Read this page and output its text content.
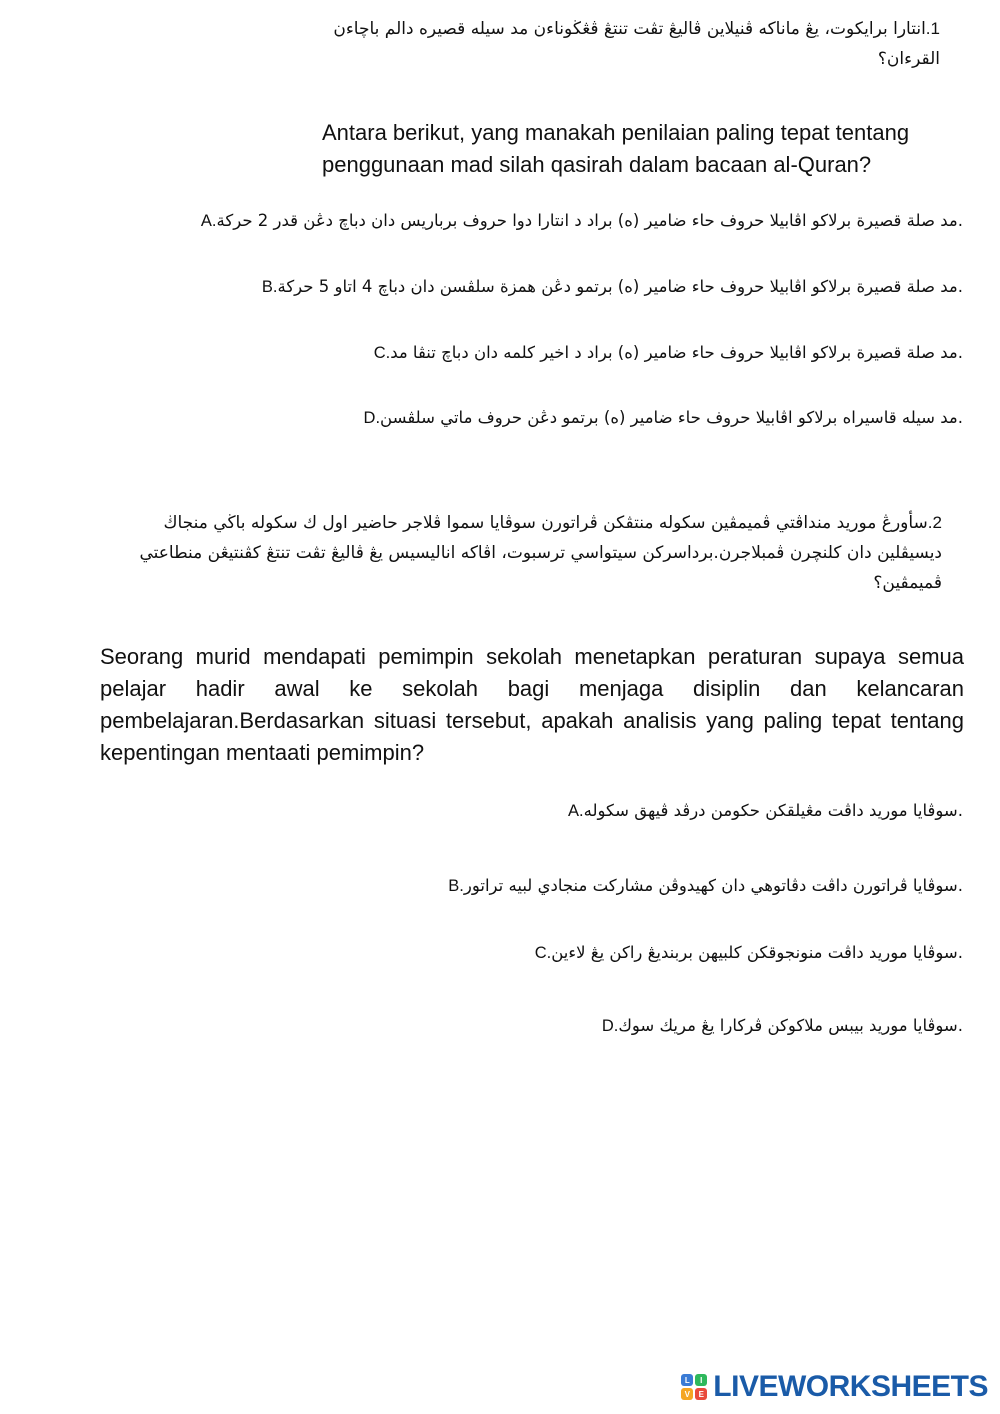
1.انتارا برايكوت، يڠ ماناكه ڤنيلاين ڤاليڠ تڤت تنتڠ ڤڠڬوناءن مد سيله قصيره دالم باچاءن القرءان؟
Antara berikut, yang manakah penilaian paling tepat tentang penggunaan mad silah qasirah dalam bacaan al-Quran?
A.مد صلة قصيرة برلاكو اڤابيلا حروف حاء ضامير (ه) براد د انتارا دوا حروف برباريس دان دباچ دڠن قدر 2 حركة.
B.مد صلة قصيرة برلاكو اڤابيلا حروف حاء ضامير (ه) برتمو دڠن همزة سلڤسن دان دباچ 4 اتاو 5 حركة.
C.مد صلة قصيرة برلاكو اڤابيلا حروف حاء ضامير (ه) براد د اخير كلمه دان دباچ تنڤا مد.
D.مد سيله قاسيراه برلاكو اڤابيلا حروف حاء ضامير (ه) برتمو دڠن حروف ماتي سلڤسن.
2.سأورڠ موريد منداڤتي ڤميمڤين سكوله منتڤكن ڤراتورن سوڤايا سموا ڤلاجر حاضير اول ك سكوله باڬي منجاڬ ديسيڤلين دان كلنچرن ڤمبلاجرن.برداسركن سيتواسي ترسبوت، اڤاكه اناليسيس يڠ ڤاليڠ تڤت تنتڠ كڤنتيڠن منطاعتي ڤميمڤين؟
Seorang murid mendapati pemimpin sekolah menetapkan peraturan supaya semua pelajar hadir awal ke sekolah bagi menjaga disiplin dan kelancaran pembelajaran.Berdasarkan situasi tersebut, apakah analisis yang paling tepat tentang kepentingan mentaati pemimpin?
A.سوڤايا موريد داڤت مڠيلقكن حكومن درڤد ڤيهق سكوله.
B.سوڤايا ڤراتورن داڤت دڤاتوهي دان كهيدوڤن مشاركت منجادي لبيه تراتور.
C.سوڤايا موريد داڤت منونجوقكن كلبيهن بربنديڠ راكن يڠ لاءين.
D.سوڤايا موريد بيبس ملاكوكن ڤركارا يڠ مريك سوك.
L	I
V	E LIVEWORKSHEETS
